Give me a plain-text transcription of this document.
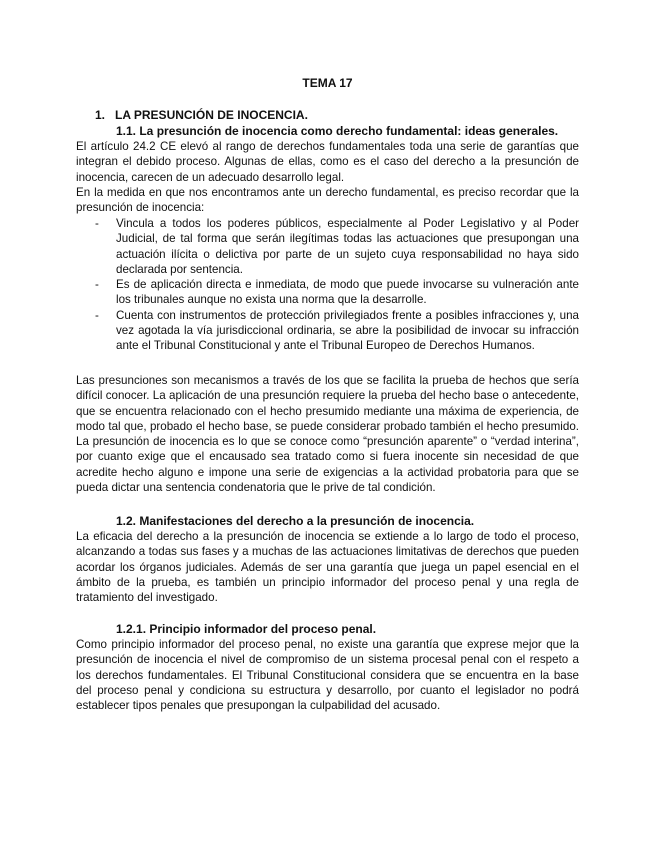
TEMA 17
1. LA PRESUNCIÓN DE INOCENCIA.
1.1. La presunción de inocencia como derecho fundamental: ideas generales.
El artículo 24.2 CE elevó al rango de derechos fundamentales toda una serie de garantías que integran el debido proceso. Algunas de ellas, como es el caso del derecho a la presunción de inocencia, carecen de un adecuado desarrollo legal.
En la medida en que nos encontramos ante un derecho fundamental, es preciso recordar que la presunción de inocencia:
- Vincula a todos los poderes públicos, especialmente al Poder Legislativo y al Poder Judicial, de tal forma que serán ilegítimas todas las actuaciones que presupongan una actuación ilícita o delictiva por parte de un sujeto cuya responsabilidad no haya sido declarada por sentencia.
- Es de aplicación directa e inmediata, de modo que puede invocarse su vulneración ante los tribunales aunque no exista una norma que la desarrolle.
- Cuenta con instrumentos de protección privilegiados frente a posibles infracciones y, una vez agotada la vía jurisdiccional ordinaria, se abre la posibilidad de invocar su infracción ante el Tribunal Constitucional y ante el Tribunal Europeo de Derechos Humanos.
Las presunciones son mecanismos a través de los que se facilita la prueba de hechos que sería difícil conocer. La aplicación de una presunción requiere la prueba del hecho base o antecedente, que se encuentra relacionado con el hecho presumido mediante una máxima de experiencia, de modo tal que, probado el hecho base, se puede considerar probado también el hecho presumido. La presunción de inocencia es lo que se conoce como “presunción aparente” o “verdad interina”, por cuanto exige que el encausado sea tratado como si fuera inocente sin necesidad de que acredite hecho alguno e impone una serie de exigencias a la actividad probatoria para que se pueda dictar una sentencia condenatoria que le prive de tal condición.
1.2. Manifestaciones del derecho a la presunción de inocencia.
La eficacia del derecho a la presunción de inocencia se extiende a lo largo de todo el proceso, alcanzando a todas sus fases y a muchas de las actuaciones limitativas de derechos que pueden acordar los órganos judiciales. Además de ser una garantía que juega un papel esencial en el ámbito de la prueba, es también un principio informador del proceso penal y una regla de tratamiento del investigado.
1.2.1. Principio informador del proceso penal.
Como principio informador del proceso penal, no existe una garantía que exprese mejor que la presunción de inocencia el nivel de compromiso de un sistema procesal penal con el respeto a los derechos fundamentales. El Tribunal Constitucional considera que se encuentra en la base del proceso penal y condiciona su estructura y desarrollo, por cuanto el legislador no podrá establecer tipos penales que presupongan la culpabilidad del acusado.
